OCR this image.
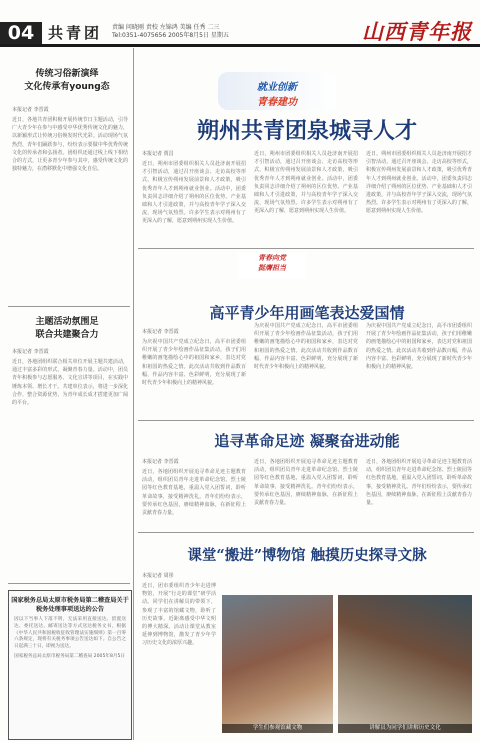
04 共青团 责编 问晓刚 责校 左锦鸿 美编 任秀 二三
Tel:0351-4075656 2005年8月5日 星期五	山西青年报
传统习俗新演绎
文化传承有young态
本报记者 李晋霞
近日，各地共青团积极开展传统节日主题活动，引导广大青少年在参与中感受中华优秀传统文化的魅力，以新颖形式让传统习俗焕发时代光彩。活动现场气氛热烈，青年们踊跃参与，纷纷表示要做中华优秀传统文化的传承者和弘扬者。团组织还通过线上线下相结合的方式，让更多青少年参与其中，感受传统文化的独特魅力，在潜移默化中增强文化自信。
主题活动氛围足
联合共建聚合力
本报记者 李晋霞
近日，各地团组织联合相关单位开展主题共建活动，通过丰富多彩的形式，凝聚青春力量。活动中，团员青年积极参与志愿服务、文化宣讲等项目，在实践中锤炼本领、增长才干。共建单位表示，将进一步深化合作，整合资源优势，为青年成长成才搭建更加广阔的平台。
国家税务总局太原市税务局第二稽查局关于税务处理事项送达的公告
因以下当事人下落不明，无法采用直接送达、留置送达、委托送达、邮寄送达等方式送达税务文书，根据《中华人民共和国税收征收管理法实施细则》第一百零六条规定，现将有关税务事项公告送达如下。自公告之日起满三十日，即视为送达。
国家税务总局太原市税务局第二稽查局 2005年8月5日
就业创新
青春建功
朔州共青团泉城寻人才
本报记者 贾昌
近日，朔州市团委组织相关人员赴济南开展招才引智活动，通过召开座谈会、走访高校等形式，积极宣传朔州发展前景和人才政策，吸引优秀青年人才到朔州就业创业。活动中，团委负责同志详细介绍了朔州的区位优势、产业基础和人才引进政策，并与高校青年学子深入交流，现场气氛热烈。许多学生表示对朔州有了更深入的了解，愿意到朔州实现人生价值。
近日，朔州市团委组织相关人员赴济南开展招才引智活动，通过召开座谈会、走访高校等形式，积极宣传朔州发展前景和人才政策，吸引优秀青年人才到朔州就业创业。活动中，团委负责同志详细介绍了朔州的区位优势、产业基础和人才引进政策，并与高校青年学子深入交流，现场气氛热烈。许多学生表示对朔州有了更深入的了解，愿意到朔州实现人生价值。
近日，朔州市团委组织相关人员赴济南开展招才引智活动，通过召开座谈会、走访高校等形式，积极宣传朔州发展前景和人才政策，吸引优秀青年人才到朔州就业创业。活动中，团委负责同志详细介绍了朔州的区位优势、产业基础和人才引进政策，并与高校青年学子深入交流，现场气氛热烈。许多学生表示对朔州有了更深入的了解，愿意到朔州实现人生价值。
青春向党
挺膺担当
高平青少年用画笔表达爱国情
本报记者 李晋霞
为庆祝中国共产党成立纪念日，高平市团委组织开展了青少年绘画作品征集活动，孩子们用稚嫩的画笔描绘心中的祖国和家乡，表达对党和祖国的热爱之情。此次活动共收到作品数百幅，作品内容丰富、色彩鲜明，充分展现了新时代青少年积极向上的精神风貌。
为庆祝中国共产党成立纪念日，高平市团委组织开展了青少年绘画作品征集活动，孩子们用稚嫩的画笔描绘心中的祖国和家乡，表达对党和祖国的热爱之情。此次活动共收到作品数百幅，作品内容丰富、色彩鲜明，充分展现了新时代青少年积极向上的精神风貌。
为庆祝中国共产党成立纪念日，高平市团委组织开展了青少年绘画作品征集活动，孩子们用稚嫩的画笔描绘心中的祖国和家乡，表达对党和祖国的热爱之情。此次活动共收到作品数百幅，作品内容丰富、色彩鲜明，充分展现了新时代青少年积极向上的精神风貌。
追寻革命足迹 凝聚奋进动能
本报记者 李晋霞
近日，各地团组织开展追寻革命足迹主题教育活动，组织团员青年走进革命纪念馆、烈士陵园等红色教育基地，重温入党入团誓词，聆听革命故事，接受精神洗礼。青年们纷纷表示，要传承红色基因，赓续精神血脉，在新征程上贡献青春力量。
近日，各地团组织开展追寻革命足迹主题教育活动，组织团员青年走进革命纪念馆、烈士陵园等红色教育基地，重温入党入团誓词，聆听革命故事，接受精神洗礼。青年们纷纷表示，要传承红色基因，赓续精神血脉，在新征程上贡献青春力量。
近日，各地团组织开展追寻革命足迹主题教育活动，组织团员青年走进革命纪念馆、烈士陵园等红色教育基地，重温入党入团誓词，聆听革命故事，接受精神洗礼。青年们纷纷表示，要传承红色基因，赓续精神血脉，在新征程上贡献青春力量。
课堂“搬进”博物馆 触摸历史探寻文脉
本报记者 周彤
近日，团市委组织青少年走进博物馆，开展“行走的课堂”研学活动。同学们在讲解员的带领下，参观了丰富的馆藏文物，聆听了历史故事，近距离感受中华文明的博大精深。活动让课堂从教室延伸到博物馆，激发了青少年学习历史文化的浓厚兴趣。
学生们参观馆藏文物	讲解员为同学们讲解历史文化
